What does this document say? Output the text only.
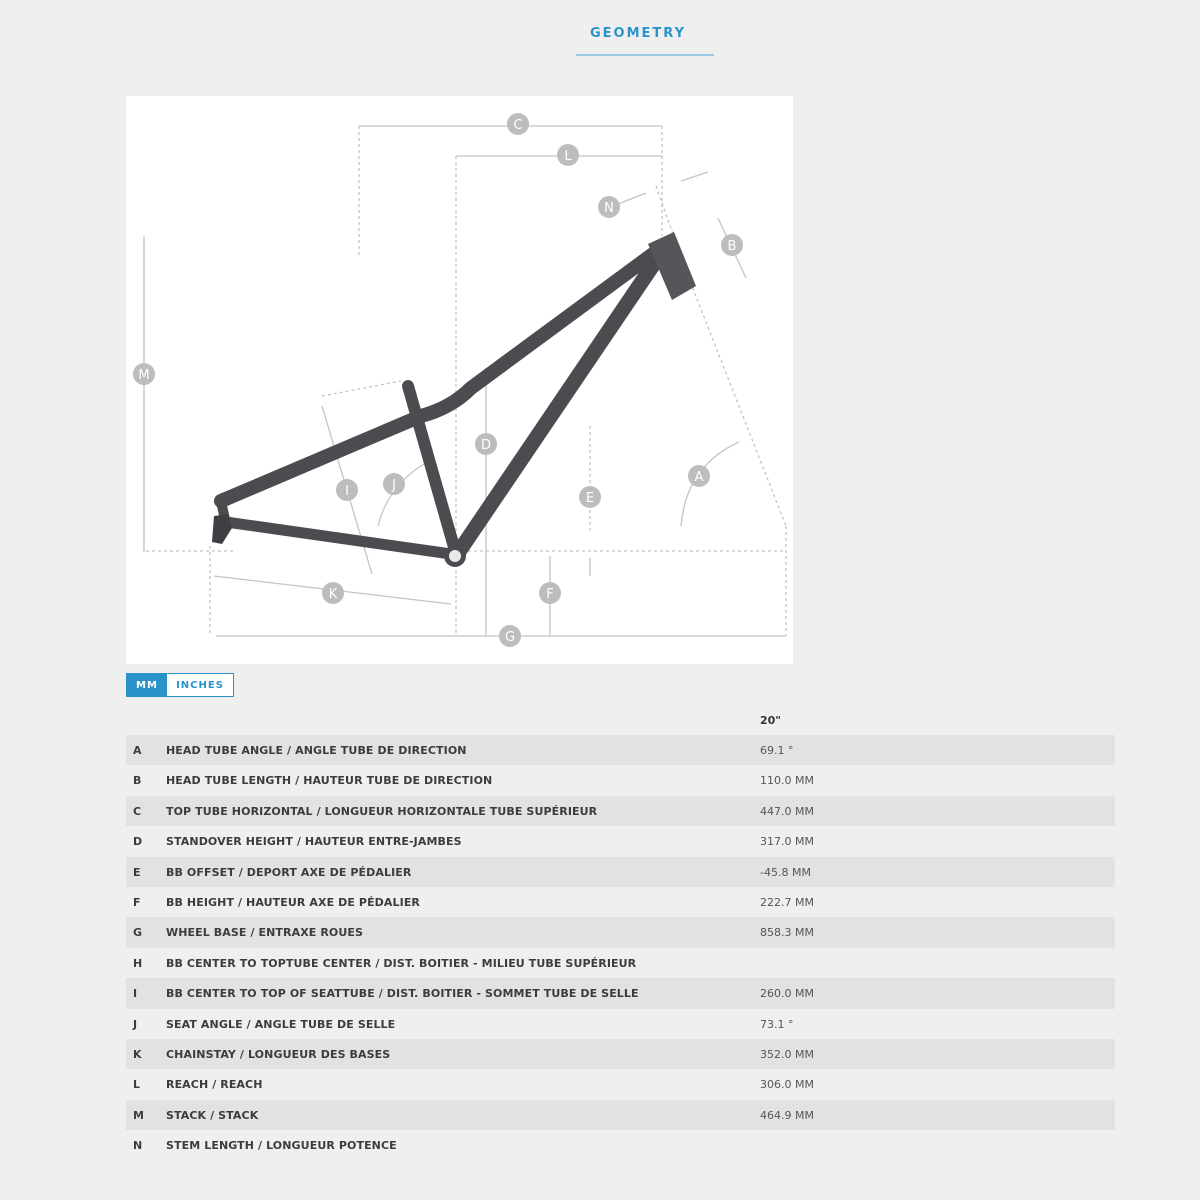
GEOMETRY
C
L
N
B
M
D
A
I	J
E
K	F
G
MM	INCHES
20"
A HEAD TUBE ANGLE / ANGLE TUBE DE DIRECTION	69.1 °
B HEAD TUBE LENGTH / HAUTEUR TUBE DE DIRECTION	110.0 MM
C TOP TUBE HORIZONTAL / LONGUEUR HORIZONTALE TUBE SUPÉRIEUR	447.0 MM
D STANDOVER HEIGHT / HAUTEUR ENTRE-JAMBES	317.0 MM
E BB OFFSET / DEPORT AXE DE PÉDALIER	-45.8 MM
F BB HEIGHT / HAUTEUR AXE DE PÉDALIER	222.7 MM
G WHEEL BASE / ENTRAXE ROUES	858.3 MM
H BB CENTER TO TOPTUBE CENTER / DIST. BOITIER - MILIEU TUBE SUPÉRIEUR
I	BB CENTER TO TOP OF SEATTUBE / DIST. BOITIER - SOMMET TUBE DE SELLE	260.0 MM
J	SEAT ANGLE / ANGLE TUBE DE SELLE	73.1 °
K CHAINSTAY / LONGUEUR DES BASES	352.0 MM
L REACH / REACH	306.0 MM
M STACK / STACK	464.9 MM
N STEM LENGTH / LONGUEUR POTENCE
